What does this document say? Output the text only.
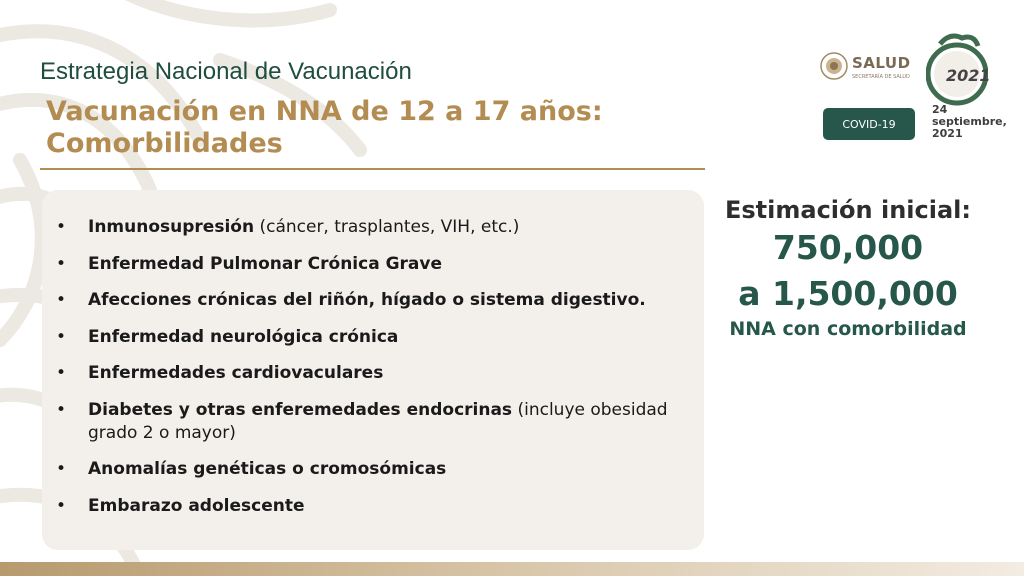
Estrategia Nacional de Vacunación
Vacunación en NNA de 12 a 17 años:
Comorbilidades
SALUD
SECRETARÍA DE SALUD 2021
COVID-19
24
septiembre,
2021
• Inmunosupresión (cáncer, trasplantes, VIH, etc.)
• Enfermedad Pulmonar Crónica Grave
• Afecciones crónicas del riñón, hígado o sistema digestivo.
• Enfermedad neurológica crónica
• Enfermedades cardiovaculares
• Diabetes y otras enferemedades endocrinas (incluye obesidad grado 2 o mayor)
• Anomalías genéticas o cromosómicas
• Embarazo adolescente
Estimación inicial:
750,000
a 1,500,000
NNA con comorbilidad
